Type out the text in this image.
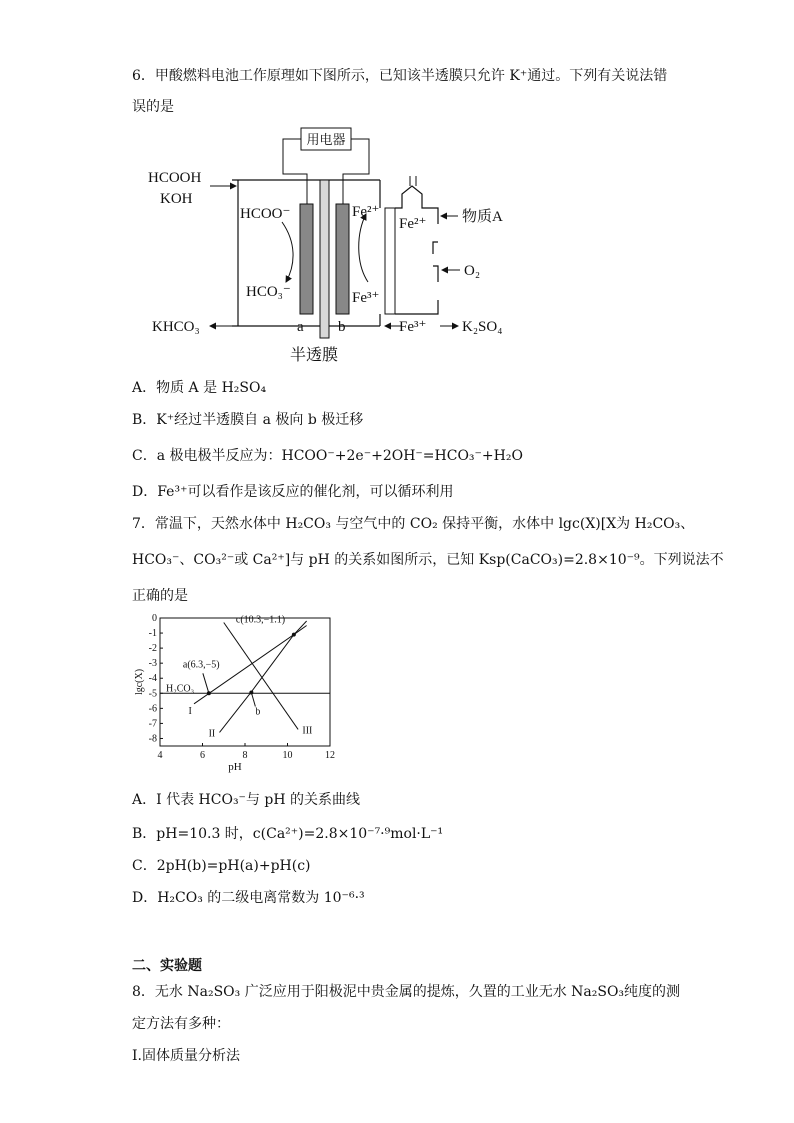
6．甲酸燃料电池工作原理如下图所示，已知该半透膜只允许 K⁺通过。下列有关说法错
误的是
用电器
HCOOH
KOH
KHCO₃
HCOO⁻
HCO₃⁻
Fe²⁺
Fe³⁺
Fe²⁺
Fe³⁺
a b
半透膜
物质A
O₂
K₂SO₄
A．物质 A 是 H₂SO₄
B．K⁺经过半透膜自 a 极向 b 极迁移
C．a 极电极半反应为：HCOO⁻+2e⁻+2OH⁻=HCO₃⁻+H₂O
D．Fe³⁺可以看作是该反应的催化剂，可以循环利用
7．常温下，天然水体中 H₂CO₃ 与空气中的 CO₂ 保持平衡，水体中 lgc(X)[X为 H₂CO₃、
HCO₃⁻、CO₃²⁻或 Ca²⁺]与 pH 的关系如图所示，已知 Ksp(CaCO₃)=2.8×10⁻⁹。下列说法不
正确的是
4	6	8	10	12
0
-1
-2
-3
-4
-5
-6
-7
-8
pH
lgc(X) H₂CO₃
I
II	III
c(10.3,−1.1)
a(6.3,−5)
b
A．I 代表 HCO₃⁻与 pH 的关系曲线
B．pH=10.3 时，c(Ca²⁺)=2.8×10⁻⁷·⁹mol·L⁻¹
C．2pH(b)=pH(a)+pH(c)
D．H₂CO₃ 的二级电离常数为 10⁻⁶·³
二、实验题
8．无水 Na₂SO₃ 广泛应用于阳极泥中贵金属的提炼，久置的工业无水 Na₂SO₃纯度的测
定方法有多种：
I.固体质量分析法
